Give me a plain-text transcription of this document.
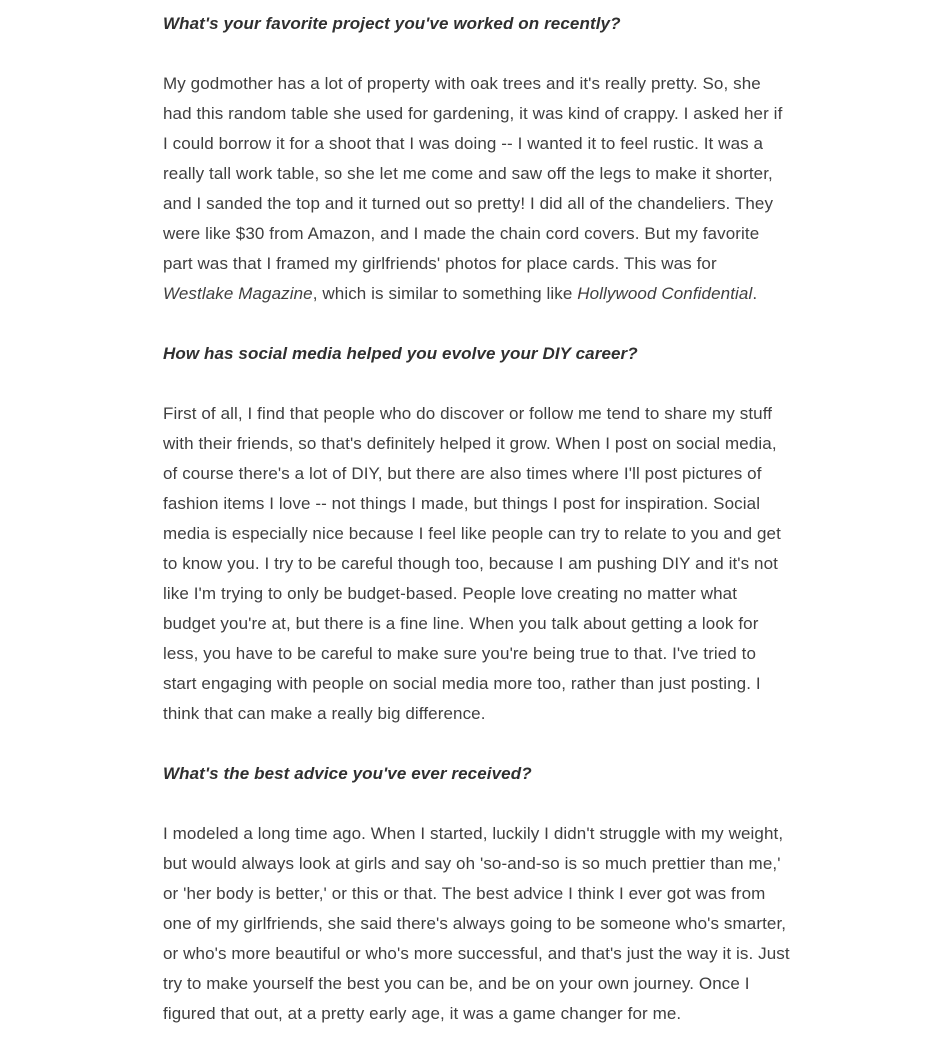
What's your favorite project you've worked on recently?

My godmother has a lot of property with oak trees and it's really pretty. So, she had this random table she used for gardening, it was kind of crappy. I asked her if I could borrow it for a shoot that I was doing -- I wanted it to feel rustic. It was a really tall work table, so she let me come and saw off the legs to make it shorter, and I sanded the top and it turned out so pretty! I did all of the chandeliers. They were like $30 from Amazon, and I made the chain cord covers. But my favorite part was that I framed my girlfriends' photos for place cards. This was for Westlake Magazine, which is similar to something like Hollywood Confidential.

How has social media helped you evolve your DIY career?

First of all, I find that people who do discover or follow me tend to share my stuff with their friends, so that's definitely helped it grow. When I post on social media, of course there's a lot of DIY, but there are also times where I'll post pictures of fashion items I love -- not things I made, but things I post for inspiration. Social media is especially nice because I feel like people can try to relate to you and get to know you. I try to be careful though too, because I am pushing DIY and it's not like I'm trying to only be budget-based. People love creating no matter what budget you're at, but there is a fine line. When you talk about getting a look for less, you have to be careful to make sure you're being true to that. I've tried to start engaging with people on social media more too, rather than just posting. I think that can make a really big difference.

What's the best advice you've ever received?

I modeled a long time ago. When I started, luckily I didn't struggle with my weight, but would always look at girls and say oh 'so-and-so is so much prettier than me,' or 'her body is better,' or this or that. The best advice I think I ever got was from one of my girlfriends, she said there's always going to be someone who's smarter, or who's more beautiful or who's more successful, and that's just the way it is. Just try to make yourself the best you can be, and be on your own journey. Once I figured that out, at a pretty early age, it was a game changer for me.
